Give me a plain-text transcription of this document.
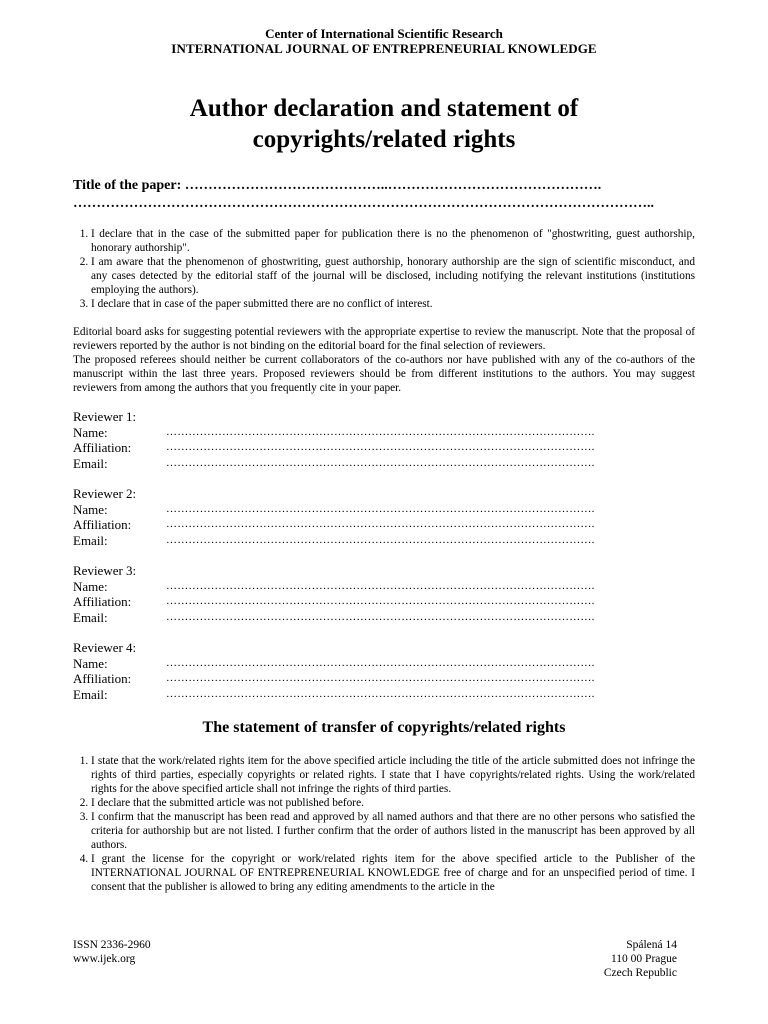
Center of International Scientific Research
INTERNATIONAL JOURNAL OF ENTREPRENEURIAL KNOWLEDGE
Author declaration and statement of
copyrights/related rights
Title of the paper: ……………………………………..……………………………………….
……………………………………………………………………………………………………………..
1. I declare that in the case of the submitted paper for publication there is no the phenomenon of "ghostwriting, guest authorship, honorary authorship".
2. I am aware that the phenomenon of ghostwriting, guest authorship, honorary authorship are the sign of scientific misconduct, and any cases detected by the editorial staff of the journal will be disclosed, including notifying the relevant institutions (institutions employing the authors).
3. I declare that in case of the paper submitted there are no conflict of interest.

Editorial board asks for suggesting potential reviewers with the appropriate expertise to review the manuscript. Note that the proposal of reviewers reported by the author is not binding on the editorial board for the final selection of reviewers.

The proposed referees should neither be current collaborators of the co-authors nor have published with any of the co-authors of the manuscript within the last three years. Proposed reviewers should be from different institutions to the authors. You may suggest reviewers from among the authors that you frequently cite in your paper.

Reviewer 1:
Name:	…………………………………………………………………………………………………….
Affiliation:	…………………………………………………………………………………………………….
Email:	…………………………………………………………………………………………………….
Reviewer 2:
Name:	…………………………………………………………………………………………………….
Affiliation:	…………………………………………………………………………………………………….
Email:	…………………………………………………………………………………………………….
Reviewer 3:
Name:	…………………………………………………………………………………………………….
Affiliation:	…………………………………………………………………………………………………….
Email:	…………………………………………………………………………………………………….
Reviewer 4:
Name:	…………………………………………………………………………………………………….
Affiliation:	…………………………………………………………………………………………………….
Email:	…………………………………………………………………………………………………….
The statement of transfer of copyrights/related rights
1. I state that the work/related rights item for the above specified article including the title of the article submitted does not infringe the rights of third parties, especially copyrights or related rights. I state that I have copyrights/related rights. Using the work/related rights for the above specified article shall not infringe the rights of third parties.
2. I declare that the submitted article was not published before.
3. I confirm that the manuscript has been read and approved by all named authors and that there are no other persons who satisfied the criteria for authorship but are not listed. I further confirm that the order of authors listed in the manuscript has been approved by all authors.
4. I grant the license for the copyright or work/related rights item for the above specified article to the Publisher of the INTERNATIONAL JOURNAL OF ENTREPRENEURIAL KNOWLEDGE free of charge and for an unspecified period of time. I consent that the publisher is allowed to bring any editing amendments to the article in the
ISSN 2336-2960
www.ijek.org
Spálená 14
110 00 Prague
Czech Republic
